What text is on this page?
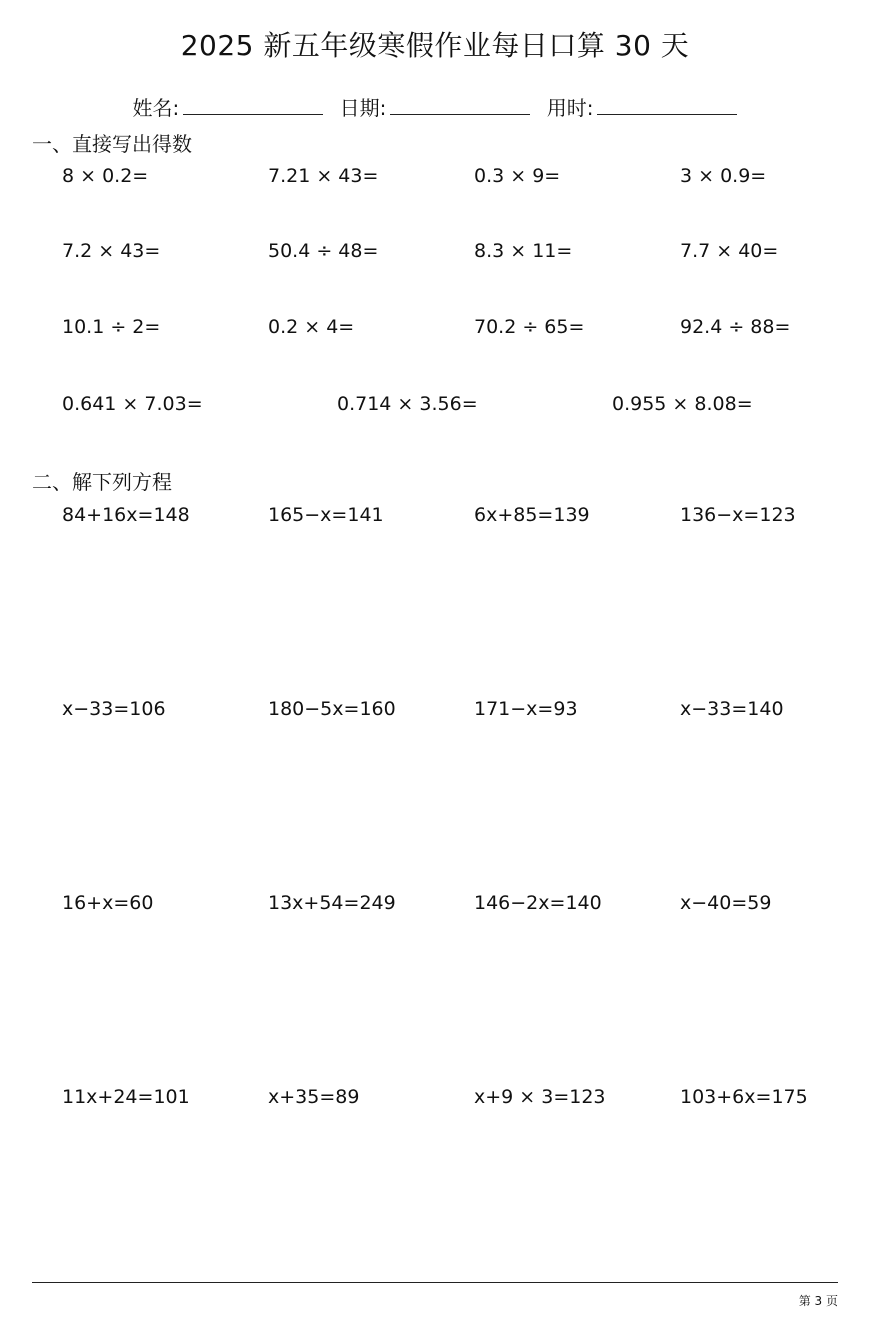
2025 新五年级寒假作业每日口算 30 天
姓名:	日期:	用时:
一、直接写出得数
8 × 0.2=	7.21 × 43=	0.3 × 9=	3 × 0.9=
7.2 × 43=	50.4 ÷ 48=	8.3 × 11=	7.7 × 40=
10.1 ÷ 2=	0.2 × 4=	70.2 ÷ 65=	92.4 ÷ 88=
0.641 × 7.03=	0.714 × 3.56=	0.955 × 8.08=
二、解下列方程
84+16x=148	165−x=141	6x+85=139	136−x=123
x−33=106	180−5x=160	171−x=93	x−33=140
16+x=60	13x+54=249	146−2x=140	x−40=59
11x+24=101	x+35=89	x+9 × 3=123	103+6x=175
第 3 页
